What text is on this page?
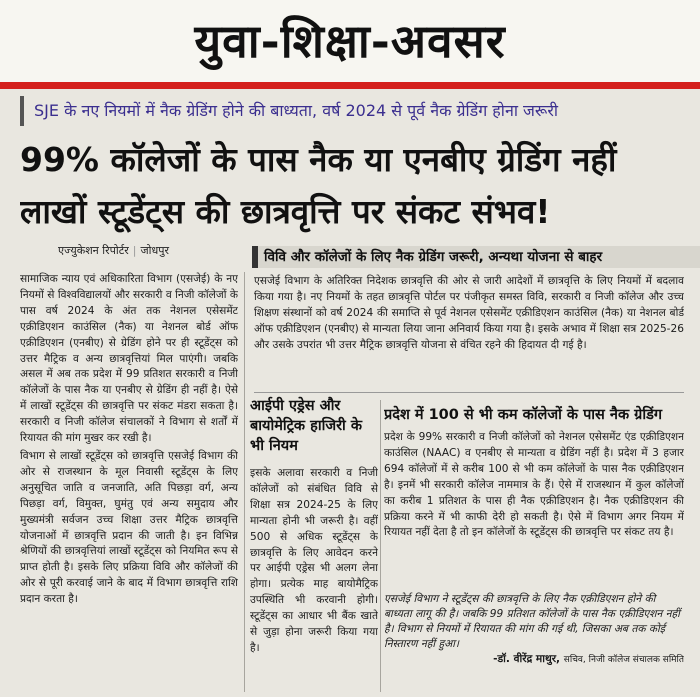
युवा-शिक्षा-अवसर
SJE के नए नियमों में नैक ग्रेडिंग होने की बाध्यता, वर्ष 2024 से पूर्व नैक ग्रेडिंग होना जरूरी
99% कॉलेजों के पास नैक या एनबीए ग्रेडिंग नहीं
लाखों स्टूडेंट्स की छात्रवृत्ति पर संकट संभव!
एज्युकेशन रिपोर्टर | जोधपुर

सामाजिक न्याय एवं अधिकारिता विभाग (एसजेई) के नए नियमों से विश्वविद्यालयों और सरकारी व निजी कॉलेजों के पास वर्ष 2024 के अंत तक नेशनल एसेसमेंट एक्रीडिएशन काउंसिल (नैक) या नेशनल बोर्ड ऑफ एक्रीडिएशन (एनबीए) से ग्रेडिंग होने पर ही स्टूडेंट्स को उत्तर मैट्रिक व अन्य छात्रवृत्तियां मिल पाएंगी। जबकि असल में अब तक प्रदेश में 99 प्रतिशत सरकारी व निजी कॉलेजों के पास नैक या एनबीए से ग्रेडिंग ही नहीं है। ऐसे में लाखों स्टूडेंट्स की छात्रवृत्ति पर संकट मंडरा सकता है। सरकारी व निजी कॉलेज संचालकों ने विभाग से शर्तों में रियायत की मांग मुखर कर रखी है।

विभाग से लाखों स्टूडेंट्स को छात्रवृत्ति एसजेई विभाग की ओर से राजस्थान के मूल निवासी स्टूडेंट्स के लिए अनुसूचित जाति व जनजाति, अति पिछड़ा वर्ग, अन्य पिछड़ा वर्ग, विमुक्त, घुमंतु एवं अन्य समुदाय और मुख्यमंत्री सर्वजन उच्च शिक्षा उत्तर मैट्रिक छात्रवृत्ति योजनाओं में छात्रवृत्ति प्रदान की जाती है। इन विभिन्न श्रेणियों की छात्रवृत्तियां लाखों स्टूडेंट्स को नियमित रूप से प्राप्त होती है। इसके लिए प्रक्रिया विवि और कॉलेजों की ओर से पूरी करवाई जाने के बाद में विभाग छात्रवृत्ति राशि प्रदान करता है।

विवि और कॉलेजों के लिए नैक ग्रेडिंग जरूरी, अन्यथा योजना से बाहर

एसजेई विभाग के अतिरिक्त निदेशक छात्रवृत्ति की ओर से जारी आदेशों में छात्रवृत्ति के लिए नियमों में बदलाव किया गया है। नए नियमों के तहत छात्रवृत्ति पोर्टल पर पंजीकृत समस्त विवि, सरकारी व निजी कॉलेज और उच्च शिक्षण संस्थानों को वर्ष 2024 की समाप्ति से पूर्व नेशनल एसेसमेंट एक्रीडिएशन काउंसिल (नैक) या नेशनल बोर्ड ऑफ एक्रीडिएशन (एनबीए) से मान्यता लिया जाना अनिवार्य किया गया है। इसके अभाव में शिक्षा सत्र 2025-26 और उसके उपरांत भी उत्तर मैट्रिक छात्रवृत्ति योजना से वंचित रहने की हिदायत दी गई है।

आईपी एड्रेस और बायोमेट्रिक हाजिरी के भी नियम

इसके अलावा सरकारी व निजी कॉलेजों को संबंधित विवि से शिक्षा सत्र 2024-25 के लिए मान्यता होनी भी जरूरी है। वहीं 500 से अधिक स्टूडेंट्स के छात्रवृत्ति के लिए आवेदन करने पर आईपी एड्रेस भी अलग लेना होगा। प्रत्येक माह बायोमैट्रिक उपस्थिति भी करवानी होगी। स्टूडेंट्स का आधार भी बैंक खाते से जुड़ा होना जरूरी किया गया है।

प्रदेश में 100 से भी कम कॉलेजों के पास नैक ग्रेडिंग

प्रदेश के 99% सरकारी व निजी कॉलेजों को नेशनल एसेसमेंट एंड एक्रीडिएशन काउंसिल (NAAC) व एनबीए से मान्यता व ग्रेडिंग नहीं है। प्रदेश में 3 हजार 694 कॉलेजों में से करीब 100 से भी कम कॉलेजों के पास नैक एक्रीडिएशन है। इनमें भी सरकारी कॉलेज नाममात्र के हैं। ऐसे में राजस्थान में कुल कॉलेजों का करीब 1 प्रतिशत के पास ही नैक एक्रीडिएशन है। नैक एक्रीडिएशन की प्रक्रिया करने में भी काफी देरी हो सकती है। ऐसे में विभाग अगर नियम में रियायत नहीं देता है तो इन कॉलेजों के स्टूडेंट्स की छात्रवृत्ति पर संकट तय है।

एसजेई विभाग ने स्टूडेंट्स की छात्रवृत्ति के लिए नैक एक्रीडिएशन होने की बाध्यता लागू की है। जबकि 99 प्रतिशत कॉलेजों के पास नैक एक्रीडिएशन नहीं है। विभाग से नियमों में रियायत की मांग की गई थी, जिसका अब तक कोई निस्तारण नहीं हुआ।
-डॉ. वीरेंद्र माथुर, सचिव, निजी कॉलेज संचालक समिति
